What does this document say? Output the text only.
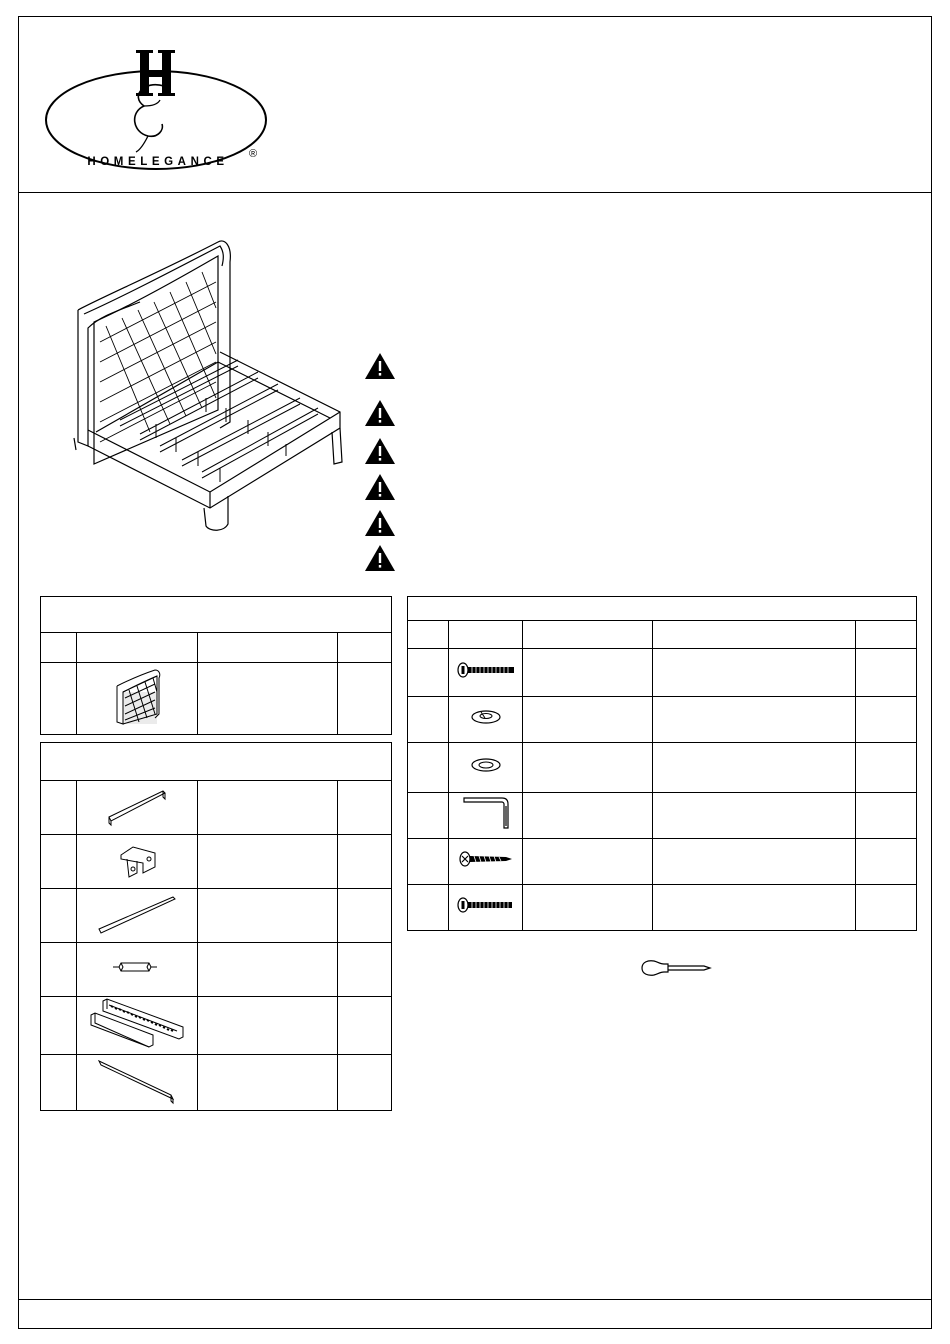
HOMELEGANCE
®
